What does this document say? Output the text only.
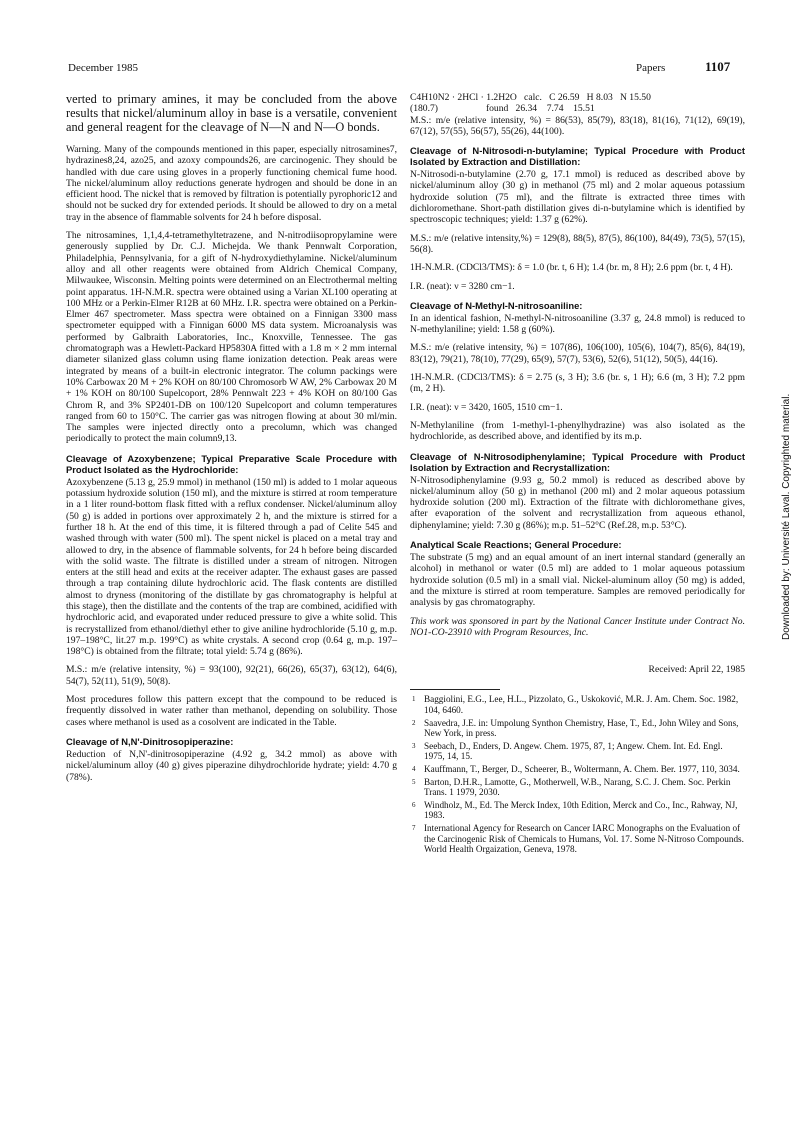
December 1985	Papers	1107

verted to primary amines, it may be concluded from the above results that nickel/aluminum alloy in base is a versatile, convenient and general reagent for the cleavage of N—N and N—O bonds.

Warning. Many of the compounds mentioned in this paper, especially nitrosamines7, hydrazines8,24, azo25, and azoxy compounds26, are carcinogenic. They should be handled with due care using gloves in a properly functioning chemical fume hood. The nickel/aluminum alloy reductions generate hydrogen and should be done in an efficient hood. The nickel that is removed by filtration is potentially pyrophoric12 and should not be sucked dry for extended periods. It should be allowed to dry on a metal tray in the absence of flammable solvents for 24 h before disposal.

The nitrosamines, 1,1,4,4-tetramethyltetrazene, and N-nitrodiisopropylamine were generously supplied by Dr. C.J. Michejda. We thank Pennwalt Corporation, Philadelphia, Pennsylvania, for a gift of N-hydroxydiethylamine. Nickel/aluminum alloy and all other reagents were obtained from Aldrich Chemical Company, Milwaukee, Wisconsin. Melting points were determined on an Electrothermal melting point apparatus. 1H-N.M.R. spectra were obtained using a Varian XL100 operating at 100 MHz or a Perkin-Elmer R12B at 60 MHz. I.R. spectra were obtained on a Perkin-Elmer 467 spectrometer. Mass spectra were obtained on a Finnigan 3300 mass spectrometer equipped with a Finnigan 6000 MS data system. Microanalysis was performed by Galbraith Laboratories, Inc., Knoxville, Tennessee. The gas chromatograph was a Hewlett-Packard HP5830A fitted with a 1.8 m × 2 mm internal diameter silanized glass column using flame ionization detection. Peak areas were integrated by means of a built-in electronic integrator. The column packings were 10% Carbowax 20 M + 2% KOH on 80/100 Chromosorb W AW, 2% Carbowax 20 M + 1% KOH on 80/100 Supelcoport, 28% Pennwalt 223 + 4% KOH on 80/100 Gas Chrom R, and 3% SP2401-DB on 100/120 Supelcoport and column temperatures ranged from 60 to 150°C. The carrier gas was nitrogen flowing at about 30 ml/min. The samples were injected directly onto a precolumn, which was changed periodically to protect the main column9,13.

Cleavage of Azoxybenzene; Typical Preparative Scale Procedure with Product Isolated as the Hydrochloride:

Azoxybenzene (5.13 g, 25.9 mmol) in methanol (150 ml) is added to 1 molar aqueous potassium hydroxide solution (150 ml), and the mixture is stirred at room temperature in a 1 liter round-bottom flask fitted with a reflux condenser. Nickel/aluminum alloy (50 g) is added in portions over approximately 2 h, and the mixture is stirred for a further 18 h. At the end of this time, it is filtered through a pad of Celite 545 and washed through with water (500 ml). The spent nickel is placed on a metal tray and allowed to dry, in the absence of flammable solvents, for 24 h before being discarded with the solid waste. The filtrate is distilled under a stream of nitrogen. Nitrogen enters at the still head and exits at the receiver adapter. The exhaust gases are passed through a trap containing dilute hydrochloric acid. The flask contents are distilled almost to dryness (monitoring of the distillate by gas chromatography is helpful at this stage), then the distillate and the contents of the trap are combined, acidified with hydrochloric acid, and evaporated under reduced pressure to give a white solid. This is recrystallized from ethanol/diethyl ether to give aniline hydrochloride (5.10 g, m.p. 197–198°C, lit.27 m.p. 199°C) as white crystals. A second crop (0.64 g, m.p. 197–198°C) is obtained from the filtrate; total yield: 5.74 g (86%).

M.S.: m/e (relative intensity, %) = 93(100), 92(21), 66(26), 65(37), 63(12), 64(6), 54(7), 52(11), 51(9), 50(8).

Most procedures follow this pattern except that the compound to be reduced is frequently dissolved in water rather than methanol, depending on solubility. Those cases where methanol is used as a cosolvent are indicated in the Table.

Cleavage of N,N'-Dinitrosopiperazine:

Reduction of N,N'-dinitrosopiperazine (4.92 g, 34.2 mmol) as above with nickel/aluminum alloy (40 g) gives piperazine dihydrochloride hydrate; yield: 4.70 g (78%).

C4H10N2 · 2HCl · 1.2H2O   calc.   C 26.59   H 8.03   N 15.50
(180.7)                    found   26.34    7.74    15.51

M.S.: m/e (relative intensity, %) = 86(53), 85(79), 83(18), 81(16), 71(12), 69(19), 67(12), 57(55), 56(57), 55(26), 44(100).

Cleavage of N-Nitrosodi-n-butylamine; Typical Procedure with Product Isolated by Extraction and Distillation:

N-Nitrosodi-n-butylamine (2.70 g, 17.1 mmol) is reduced as described above by nickel/aluminum alloy (30 g) in methanol (75 ml) and 2 molar aqueous potassium hydroxide solution (75 ml), and the filtrate is extracted three times with dichloromethane. Short-path distillation gives di-n-butylamine which is identified by spectroscopic techniques; yield: 1.37 g (62%).

M.S.: m/e (relative intensity,%) = 129(8), 88(5), 87(5), 86(100), 84(49), 73(5), 57(15), 56(8).

1H-N.M.R. (CDCl3/TMS): δ = 1.0 (br. t, 6 H); 1.4 (br. m, 8 H); 2.6 ppm (br. t, 4 H).

I.R. (neat): ν = 3280 cm−1.

Cleavage of N-Methyl-N-nitrosoaniline:

In an identical fashion, N-methyl-N-nitrosoaniline (3.37 g, 24.8 mmol) is reduced to N-methylaniline; yield: 1.58 g (60%).

M.S.: m/e (relative intensity, %) = 107(86), 106(100), 105(6), 104(7), 85(6), 84(19), 83(12), 79(21), 78(10), 77(29), 65(9), 57(7), 53(6), 52(6), 51(12), 50(5), 44(16).

1H-N.M.R. (CDCl3/TMS): δ = 2.75 (s, 3 H); 3.6 (br. s, 1 H); 6.6 (m, 3 H); 7.2 ppm (m, 2 H).

I.R. (neat): ν = 3420, 1605, 1510 cm−1.

N-Methylaniline (from 1-methyl-1-phenylhydrazine) was also isolated as the hydrochloride, as described above, and identified by its m.p.

Cleavage of N-Nitrosodiphenylamine; Typical Procedure with Product Isolation by Extraction and Recrystallization:

N-Nitrosodiphenylamine (9.93 g, 50.2 mmol) is reduced as described above by nickel/aluminum alloy (50 g) in methanol (200 ml) and 2 molar aqueous potassium hydroxide solution (200 ml). Extraction of the filtrate with dichloromethane gives, after evaporation of the solvent and recrystallization from aqueous ethanol, diphenylamine; yield: 7.30 g (86%); m.p. 51–52°C (Ref.28, m.p. 53°C).

Analytical Scale Reactions; General Procedure:

The substrate (5 mg) and an equal amount of an inert internal standard (generally an alcohol) in methanol or water (0.5 ml) are added to 1 molar aqueous potassium hydroxide solution (0.5 ml) in a small vial. Nickel-aluminum alloy (50 mg) is added, and the mixture is stirred at room temperature. Samples are removed periodically for analysis by gas chromatography.

This work was sponsored in part by the National Cancer Institute under Contract No. NO1-CO-23910 with Program Resources, Inc.

Received: April 22, 1985

1 Baggiolini, E.G., Lee, H.L., Pizzolato, G., Uskoković, M.R. J. Am. Chem. Soc. 1982, 104, 6460.

2 Saavedra, J.E. in: Umpolung Synthon Chemistry, Hase, T., Ed., John Wiley and Sons, New York, in press.

3 Seebach, D., Enders, D. Angew. Chem. 1975, 87, 1; Angew. Chem. Int. Ed. Engl. 1975, 14, 15.

4 Kauffmann, T., Berger, D., Scheerer, B., Woltermann, A. Chem. Ber. 1977, 110, 3034.

5 Barton, D.H.R., Lamotte, G., Motherwell, W.B., Narang, S.C. J. Chem. Soc. Perkin Trans. 1 1979, 2030.

6 Windholz, M., Ed. The Merck Index, 10th Edition, Merck and Co., Inc., Rahway, NJ, 1983.

7 International Agency for Research on Cancer IARC Monographs on the Evaluation of the Carcinogenic Risk of Chemicals to Humans, Vol. 17. Some N-Nitroso Compounds. World Health Orgaization, Geneva, 1978.

Downloaded by: Université Laval. Copyrighted material.
